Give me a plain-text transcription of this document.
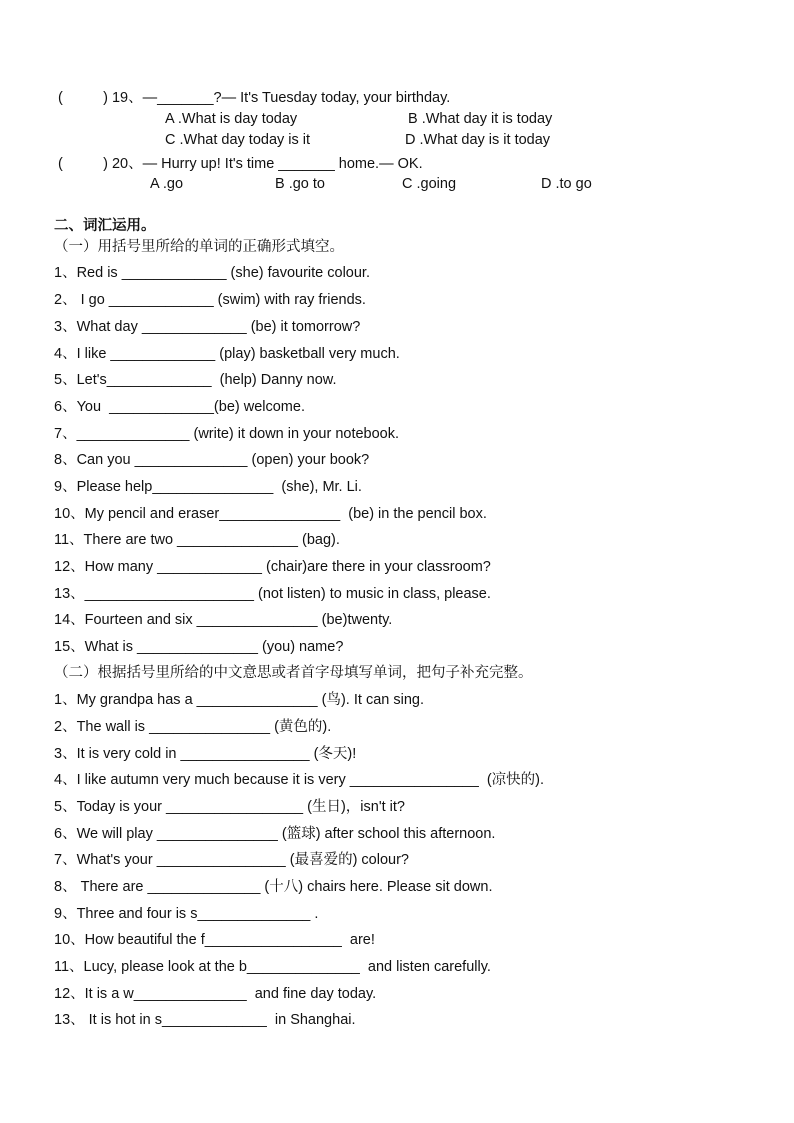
(          ) 19、—_______?— It's Tuesday today, your birthday.
A .What is day today	B .What day it is today
C .What day today is it	D .What day is it today
(          ) 20、— Hurry up! It's time _______ home.— OK.
A .go	B .go to	C .going	D .to go
二、词汇运用。
（一）用括号里所给的单词的正确形式填空。
1、Red is _____________ (she) favourite colour.
2、 I go _____________ (swim) with ray friends.
3、What day _____________ (be) it tomorrow?
4、I like _____________ (play) basketball very much.
5、Let's_____________  (help) Danny now.
6、You  _____________(be) welcome.
7、______________ (write) it down in your notebook.
8、Can you ______________ (open) your book?
9、Please help_______________  (she), Mr. Li.
10、My pencil and eraser_______________  (be) in the pencil box.
11、There are two _______________ (bag).
12、How many _____________ (chair)are there in your classroom?
13、_____________________ (not listen) to music in class, please.
14、Fourteen and six _______________ (be)twenty.
15、What is _______________ (you) name?
（二）根据括号里所给的中文意思或者首字母填写单词，把句子补充完整。
1、My grandpa has a _______________ (鸟). It can sing.
2、The wall is _______________ (黄色的).
3、It is very cold in ________________ (冬天)!
4、I like autumn very much because it is very ________________  (凉快的).
5、Today is your _________________ (生日)，isn't it?
6、We will play _______________ (篮球) after school this afternoon.
7、What's your ________________ (最喜爱的) colour?
8、 There are ______________ (十八) chairs here. Please sit down.
9、Three and four is s______________ .
10、How beautiful the f_________________  are!
11、Lucy, please look at the b______________  and listen carefully.
12、It is a w______________  and fine day today.
13、 It is hot in s_____________  in Shanghai.
